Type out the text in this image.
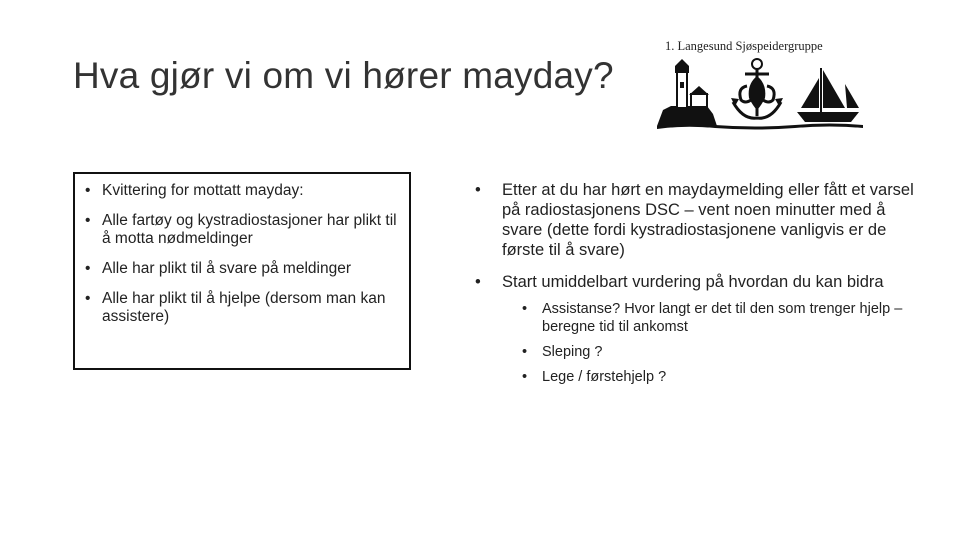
Hva gjør vi om vi hører mayday?
1. Langesund Sjøspeidergruppe
• Kvittering for mottatt mayday:
• Alle fartøy og kystradiostasjoner har plikt til å motta nødmeldinger
• Alle har plikt til å svare på meldinger
• Alle har plikt til å hjelpe (dersom man kan assistere)
• Etter at du har hørt en maydaymelding eller fått et varsel på radiostasjonens DSC – vent noen minutter med å svare (dette fordi kystradiostasjonene vanligvis er de første til å svare)
• Start umiddelbart vurdering på hvordan du kan bidra
• Assistanse? Hvor langt er det til den som trenger hjelp – beregne tid til ankomst
• Sleping ?
• Lege / førstehjelp ?
